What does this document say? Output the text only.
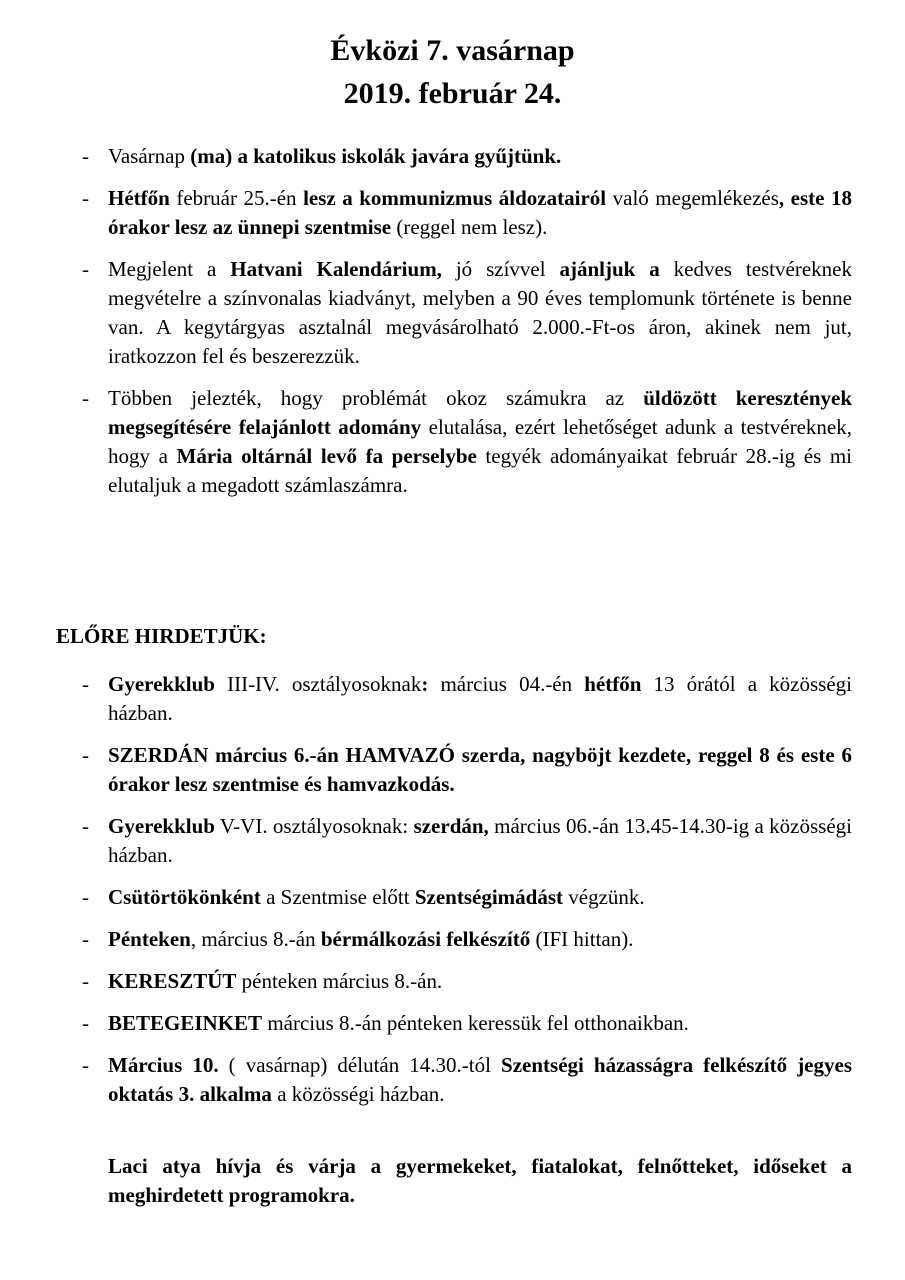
Évközi 7. vasárnap
2019. február 24.
- Vasárnap (ma) a katolikus iskolák javára gyűjtünk.

- Hétfőn február 25.-én lesz a kommunizmus áldozatairól való megemlékezés, este 18 órakor lesz az ünnepi szentmise (reggel nem lesz).

- Megjelent a Hatvani Kalendárium, jó szívvel ajánljuk a kedves testvéreknek megvételre a színvonalas kiadványt, melyben a 90 éves templomunk története is benne van. A kegytárgyas asztalnál megvásárolható 2.000.-Ft-os áron, akinek nem jut, iratkozzon fel és beszerezzük.

- Többen jelezték, hogy problémát okoz számukra az üldözött keresztények megsegítésére felajánlott adomány elutalása, ezért lehetőséget adunk a testvéreknek, hogy a Mária oltárnál levő fa perselybe tegyék adományaikat február 28.-ig és mi elutaljuk a megadott számlaszámra.

ELŐRE HIRDETJÜK:

- Gyerekklub III-IV. osztályosoknak: március 04.-én hétfőn 13 órától a közösségi házban.

- SZERDÁN március 6.-án HAMVAZÓ szerda, nagyböjt kezdete, reggel 8 és este 6 órakor lesz szentmise és hamvazkodás.

- Gyerekklub V-VI. osztályosoknak: szerdán, március 06.-án 13.45-14.30-ig a közösségi házban.

- Csütörtökönként a Szentmise előtt Szentségimádást végzünk.

- Pénteken, március 8.-án bérmálkozási felkészítő (IFI hittan).

- KERESZTÚT pénteken március 8.-án.

- BETEGEINKET március 8.-án pénteken keressük fel otthonaikban.

- Március 10. ( vasárnap) délután 14.30.-tól Szentségi házasságra felkészítő jegyes oktatás 3. alkalma a közösségi házban.

Laci atya hívja és várja a gyermekeket, fiatalokat, felnőtteket, időseket a meghirdetett programokra.
